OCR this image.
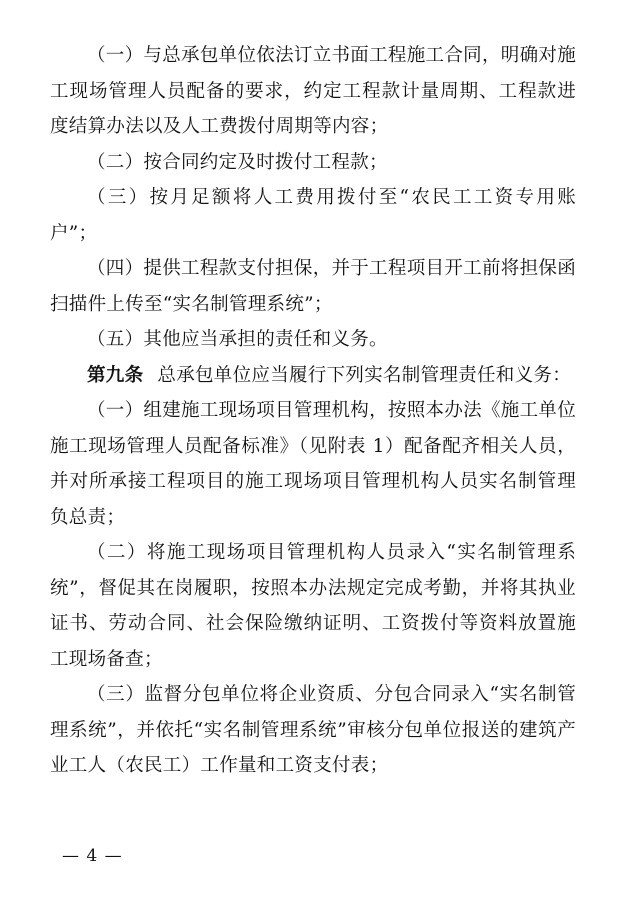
（一）与总承包单位依法订立书面工程施工合同，明确对施工现场管理人员配备的要求，约定工程款计量周期、工程款进度结算办法以及人工费拨付周期等内容；

（二）按合同约定及时拨付工程款；

（三）按月足额将人工费用拨付至“农民工工资专用账户”；

（四）提供工程款支付担保，并于工程项目开工前将担保函扫描件上传至“实名制管理系统”；

（五）其他应当承担的责任和义务。

第九条 总承包单位应当履行下列实名制管理责任和义务：

（一）组建施工现场项目管理机构，按照本办法《施工单位施工现场管理人员配备标准》（见附表 1）配备配齐相关人员，并对所承接工程项目的施工现场项目管理机构人员实名制管理负总责；

（二）将施工现场项目管理机构人员录入“实名制管理系统”，督促其在岗履职，按照本办法规定完成考勤，并将其执业证书、劳动合同、社会保险缴纳证明、工资拨付等资料放置施工现场备查；

（三）监督分包单位将企业资质、分包合同录入“实名制管理系统”，并依托“实名制管理系统”审核分包单位报送的建筑产业工人（农民工）工作量和工资支付表；

— 4 —
